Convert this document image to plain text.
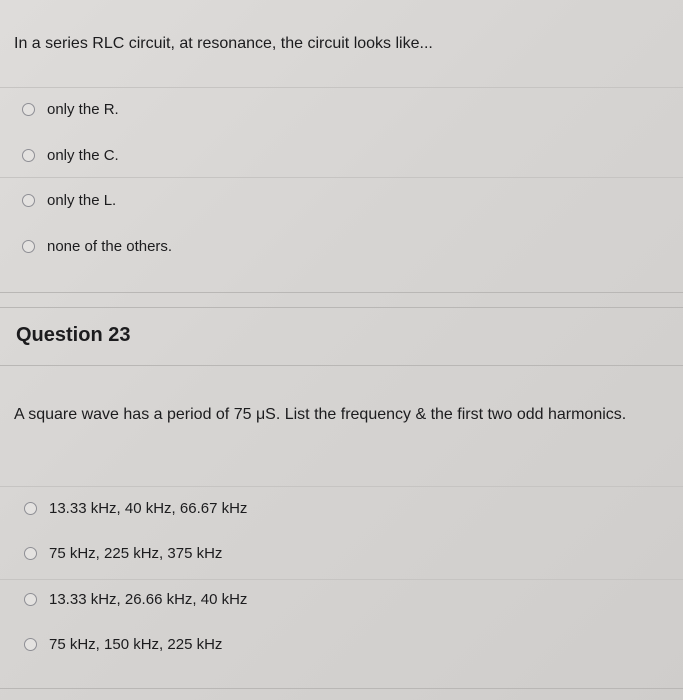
In a series RLC circuit, at resonance, the circuit looks like...
only the R.
only the C.
only the L.
none of the others.
Question 23
A square wave has a period of 75 μS. List the frequency & the first two odd harmonics.
13.33 kHz, 40 kHz, 66.67 kHz
75 kHz, 225 kHz, 375 kHz
13.33 kHz, 26.66 kHz, 40 kHz
75 kHz, 150 kHz, 225 kHz
